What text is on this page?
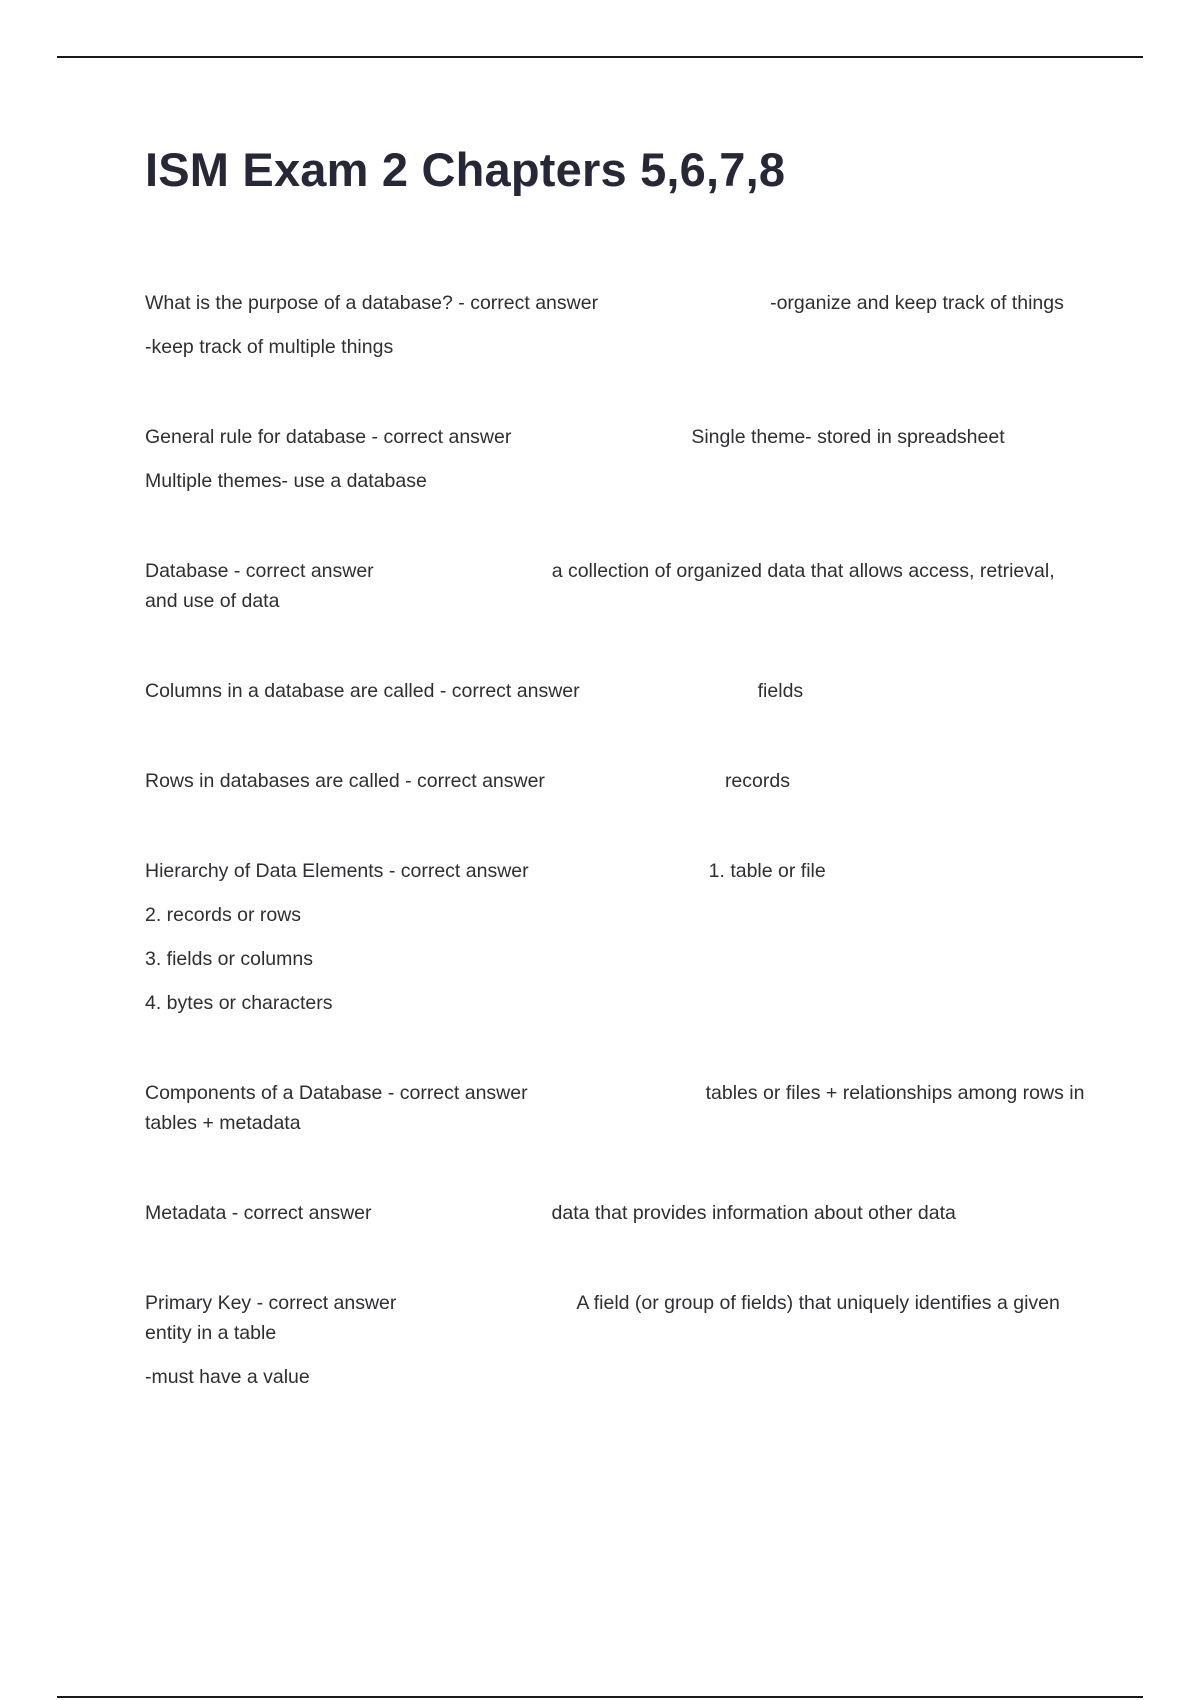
ISM Exam 2 Chapters 5,6,7,8

What is the purpose of a database? - correct answer	-organize and keep track of things

-keep track of multiple things

General rule for database - correct answer	Single theme- stored in spreadsheet

Multiple themes- use a database

Database - correct answer	a collection of organized data that allows access, retrieval, and use of data

Columns in a database are called - correct answer	fields

Rows in databases are called - correct answer	records

Hierarchy of Data Elements - correct answer	1. table or file

2. records or rows

3. fields or columns

4. bytes or characters

Components of a Database - correct answer	tables or files + relationships among rows in tables + metadata

Metadata - correct answer	data that provides information about other data

Primary Key - correct answer	A field (or group of fields) that uniquely identifies a given entity in a table

-must have a value
